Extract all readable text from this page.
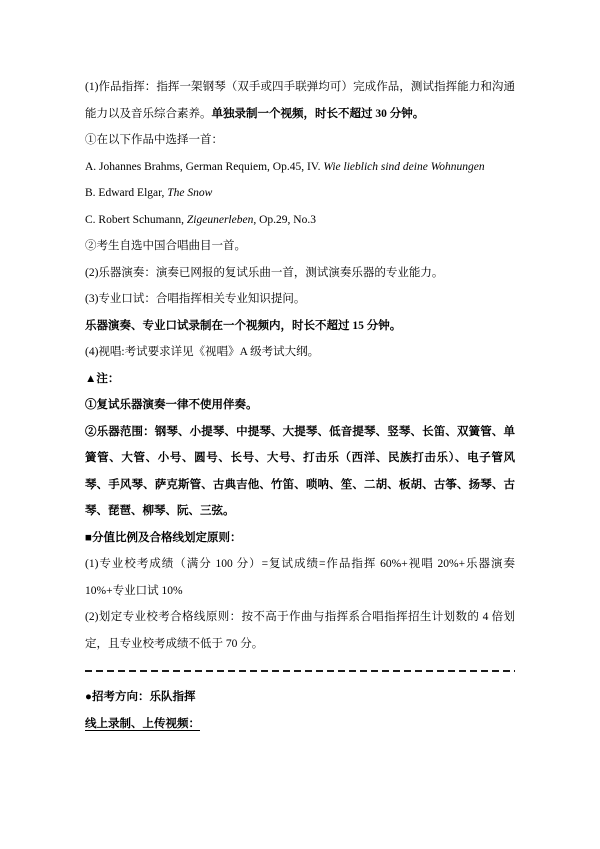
(1)作品指挥：指挥一架钢琴（双手或四手联弹均可）完成作品，测试指挥能力和沟通能力以及音乐综合素养。单独录制一个视频，时长不超过 30 分钟。

①在以下作品中选择一首：

A. Johannes Brahms, German Requiem, Op.45, IV. Wie lieblich sind deine Wohnungen

B. Edward Elgar, The Snow

C. Robert Schumann, Zigeunerleben, Op.29, No.3

②考生自选中国合唱曲目一首。

(2)乐器演奏：演奏已网报的复试乐曲一首，测试演奏乐器的专业能力。

(3)专业口试：合唱指挥相关专业知识提问。

乐器演奏、专业口试录制在一个视频内，时长不超过 15 分钟。

(4)视唱:考试要求详见《视唱》A 级考试大纲。

▲注：

①复试乐器演奏一律不使用伴奏。

②乐器范围：钢琴、小提琴、中提琴、大提琴、低音提琴、竖琴、长笛、双簧管、单簧管、大管、小号、圆号、长号、大号、打击乐（西洋、民族打击乐）、电子管风琴、手风琴、萨克斯管、古典吉他、竹笛、唢呐、笙、二胡、板胡、古筝、扬琴、古琴、琵琶、柳琴、阮、三弦。

■分值比例及合格线划定原则：

(1)专业校考成绩（满分 100 分）=复试成绩=作品指挥 60%+视唱 20%+乐器演奏 10%+专业口试 10%

(2)划定专业校考合格线原则：按不高于作曲与指挥系合唱指挥招生计划数的 4 倍划定，且专业校考成绩不低于 70 分。

●招考方向：乐队指挥

线上录制、上传视频：
